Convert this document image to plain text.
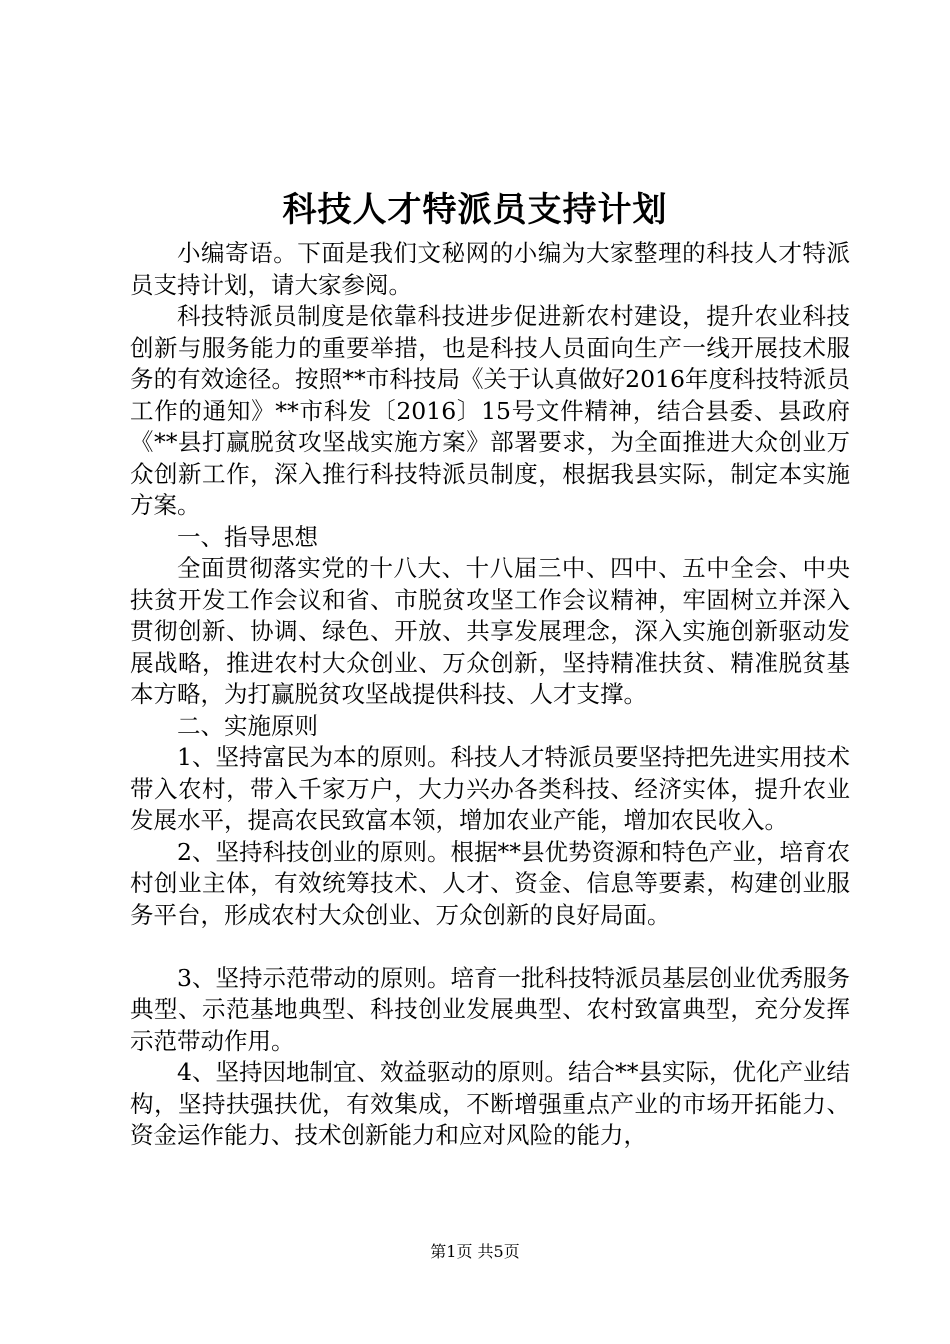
科技人才特派员支持计划

小编寄语。下面是我们文秘网的小编为大家整理的科技人才特派员支持计划，请大家参阅。

科技特派员制度是依靠科技进步促进新农村建设，提升农业科技创新与服务能力的重要举措，也是科技人员面向生产一线开展技术服务的有效途径。按照**市科技局《关于认真做好2016年度科技特派员工作的通知》**市科发〔2016〕15号文件精神，结合县委、县政府《**县打赢脱贫攻坚战实施方案》部署要求，为全面推进大众创业万众创新工作，深入推行科技特派员制度，根据我县实际，制定本实施方案。

一、指导思想

全面贯彻落实党的十八大、十八届三中、四中、五中全会、中央扶贫开发工作会议和省、市脱贫攻坚工作会议精神，牢固树立并深入贯彻创新、协调、绿色、开放、共享发展理念，深入实施创新驱动发展战略，推进农村大众创业、万众创新，坚持精准扶贫、精准脱贫基本方略，为打赢脱贫攻坚战提供科技、人才支撑。

二、实施原则

1、坚持富民为本的原则。科技人才特派员要坚持把先进实用技术带入农村，带入千家万户，大力兴办各类科技、经济实体，提升农业发展水平，提高农民致富本领，增加农业产能，增加农民收入。

2、坚持科技创业的原则。根据**县优势资源和特色产业，培育农村创业主体，有效统筹技术、人才、资金、信息等要素，构建创业服务平台，形成农村大众创业、万众创新的良好局面。

3、坚持示范带动的原则。培育一批科技特派员基层创业优秀服务典型、示范基地典型、科技创业发展典型、农村致富典型，充分发挥示范带动作用。

4、坚持因地制宜、效益驱动的原则。结合**县实际，优化产业结构，坚持扶强扶优，有效集成，不断增强重点产业的市场开拓能力、资金运作能力、技术创新能力和应对风险的能力，

第1页 共5页
